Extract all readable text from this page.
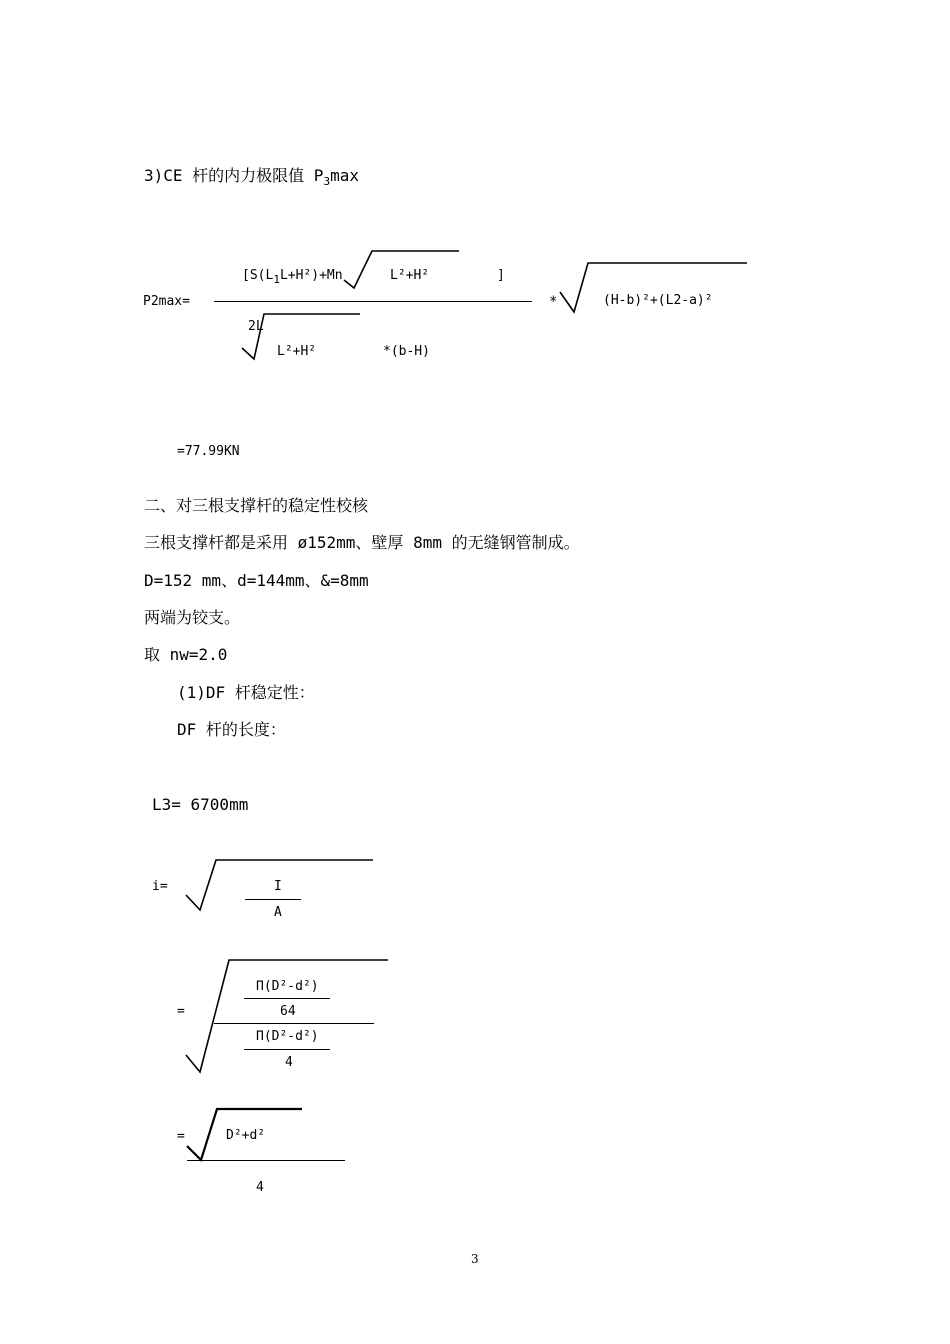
3)CE 杆的内力极限值 $P_3\max$
P2max=
[$S(L_1L+H^2)+Mn$	L²+H²	]
2L
L²+H²	*(b-H)
*	(H-b)²+(L2-a)²
=77.99KN
二、对三根支撑杆的稳定性校核
三根支撑杆都是采用 ø152mm、壁厚 8mm 的无缝钢管制成。
D=152 mm、d=144mm、&=8mm
两端为铰支。
取 nw=2.0
(1)DF 杆稳定性：
DF 杆的长度：
L3= 6700mm
i=	I
A
=
Π(D²-d²)
64
Π(D²-d²)
4
=	D²+d²
4
3
